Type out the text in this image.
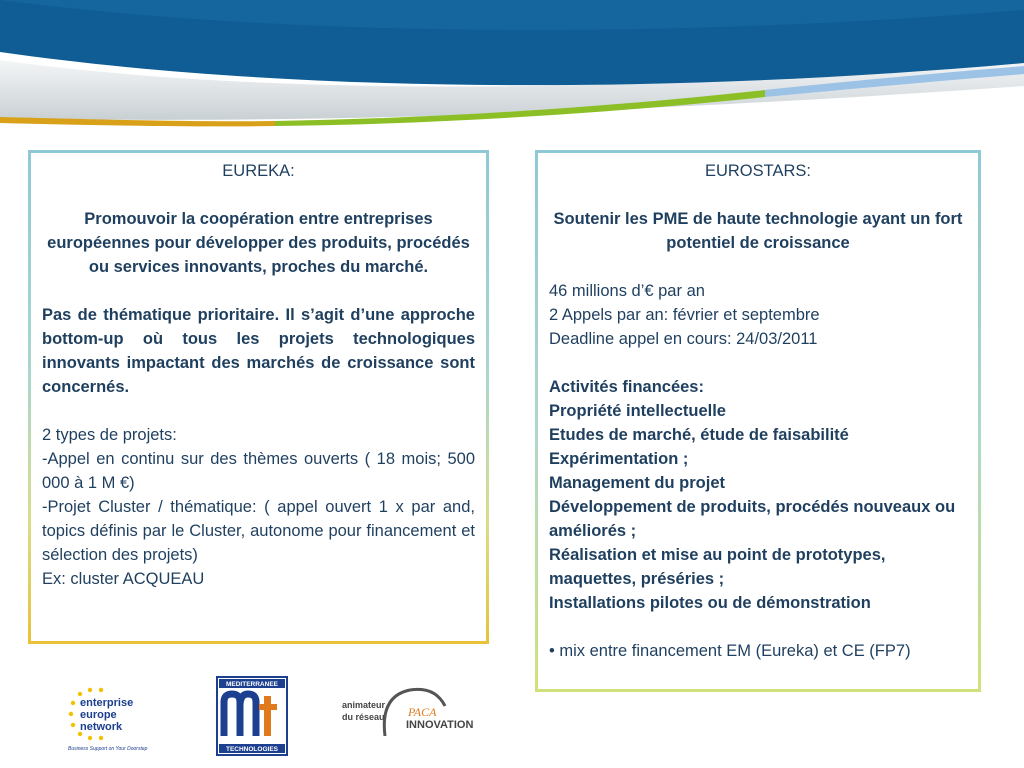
EUREKA:

Promouvoir la coopération entre entreprises européennes pour développer des produits, procédés ou services innovants, proches du marché.

Pas de thématique prioritaire. Il s’agit d’une approche bottom-up où tous les projets technologiques innovants impactant des marchés de croissance sont concernés.

2 types de projets:

-Appel en continu sur des thèmes ouverts ( 18 mois; 500 000 à 1 M €)

-Projet Cluster / thématique: ( appel ouvert 1 x par and, topics définis par le Cluster, autonome pour financement et sélection des projets)

Ex: cluster ACQUEAU

EUROSTARS:

Soutenir les PME de haute technologie ayant un fort potentiel de croissance

46 millions d’€ par an

2 Appels par an: février et septembre

Deadline appel en cours: 24/03/2011

Activités financées:

Propriété intellectuelle

Etudes de marché, étude de faisabilité

Expérimentation ;

Management du projet

Développement de produits, procédés nouveaux ou améliorés ;

Réalisation et mise au point de prototypes, maquettes, préséries ;

Installations pilotes ou de démonstration

• mix entre financement EM (Eureka) et CE (FP7)

enterprise
europe
network
Business Support on Your Doorstep
MEDITERRANEE
TECHNOLOGIES
animateur
du réseau PACA
INNOVATION
